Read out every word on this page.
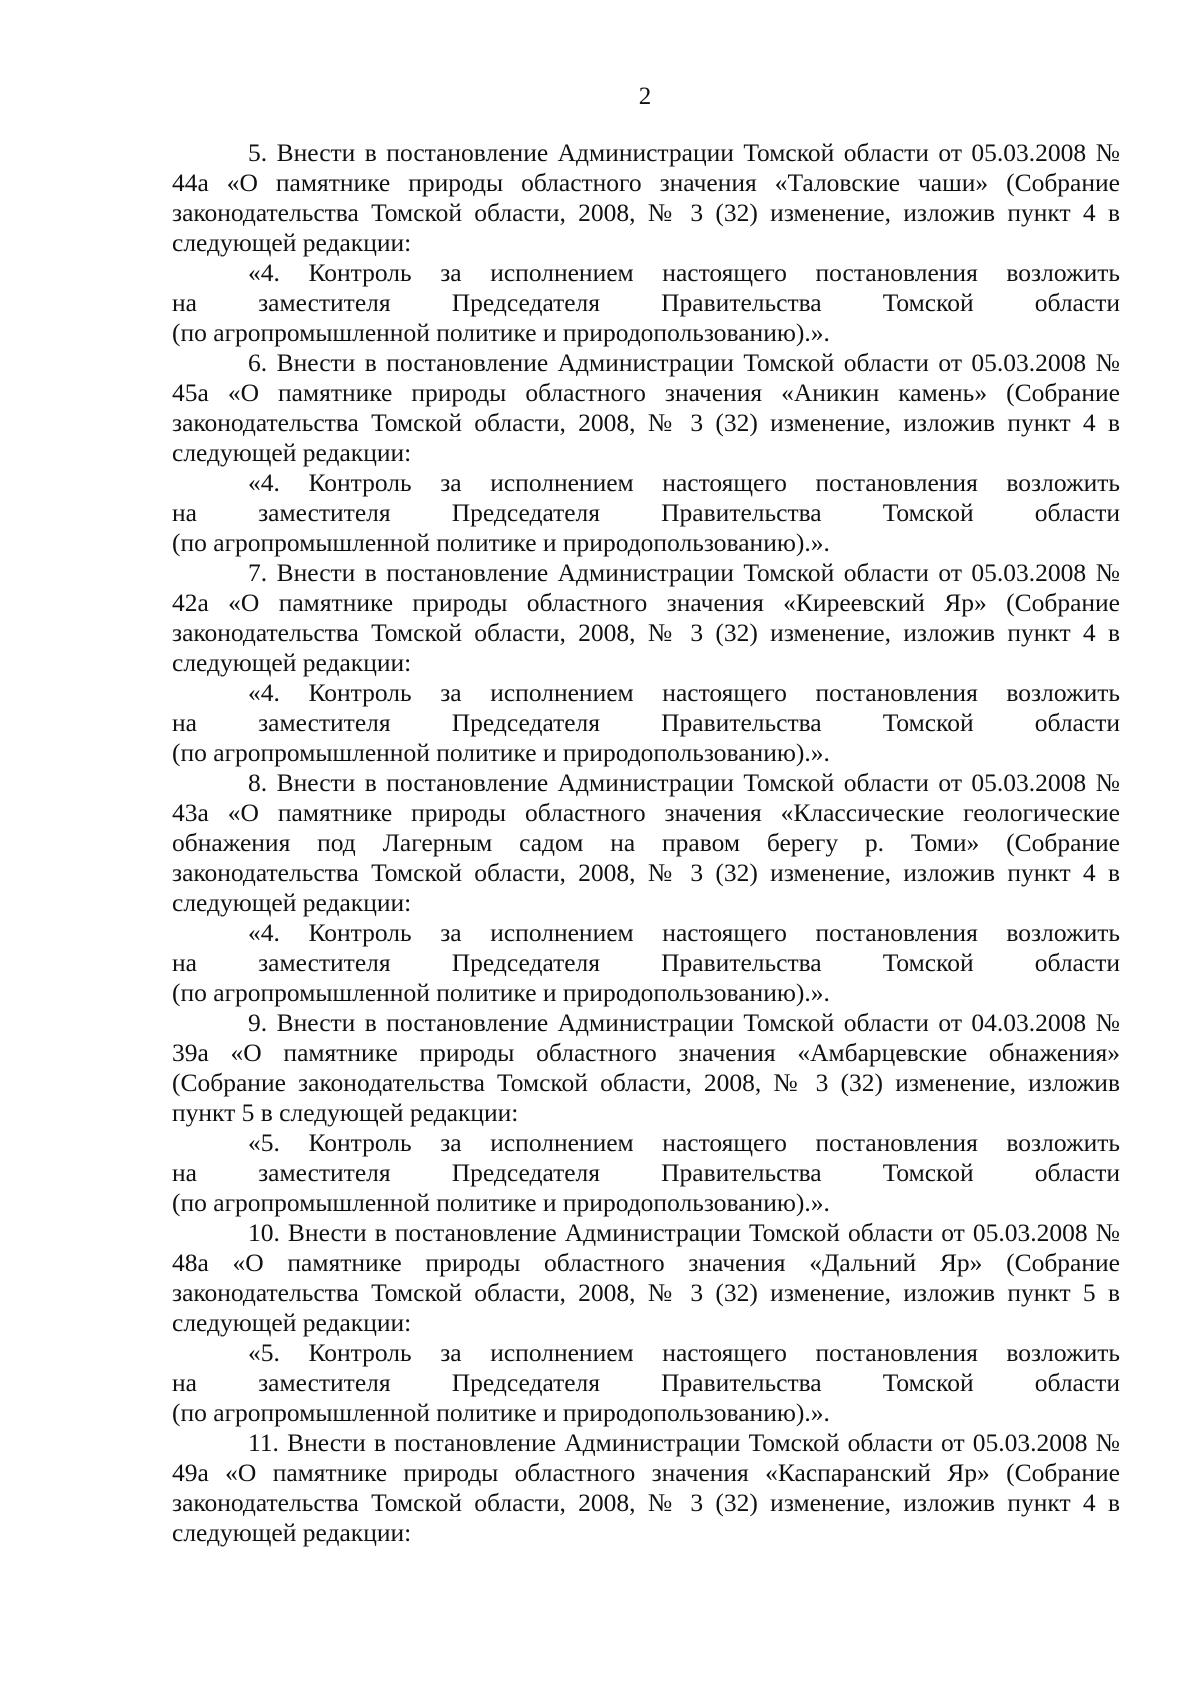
2

5. Внести в постановление Администрации Томской области от 05.03.2008 № 44а «О памятнике природы областного значения «Таловские чаши» (Собрание законодательства Томской области, 2008, № 3 (32) изменение, изложив пункт 4 в следующей редакции:

«4. Контроль за исполнением настоящего постановления возложить
на заместителя Председателя Правительства Томской области
(по агропромышленной политике и природопользованию).».

6. Внести в постановление Администрации Томской области от 05.03.2008 № 45а «О памятнике природы областного значения «Аникин камень» (Собрание законодательства Томской области, 2008, № 3 (32) изменение, изложив пункт 4 в следующей редакции:

«4. Контроль за исполнением настоящего постановления возложить
на заместителя Председателя Правительства Томской области
(по агропромышленной политике и природопользованию).».

7. Внести в постановление Администрации Томской области от 05.03.2008 № 42а «О памятнике природы областного значения «Киреевский Яр» (Собрание законодательства Томской области, 2008, № 3 (32) изменение, изложив пункт 4 в следующей редакции:

«4. Контроль за исполнением настоящего постановления возложить
на заместителя Председателя Правительства Томской области
(по агропромышленной политике и природопользованию).».

8. Внести в постановление Администрации Томской области от 05.03.2008 № 43а «О памятнике природы областного значения «Классические геологические обнажения под Лагерным садом на правом берегу р. Томи» (Собрание законодательства Томской области, 2008, № 3 (32) изменение, изложив пункт 4 в следующей редакции:

«4. Контроль за исполнением настоящего постановления возложить
на заместителя Председателя Правительства Томской области
(по агропромышленной политике и природопользованию).».

9. Внести в постановление Администрации Томской области от 04.03.2008 № 39а «О памятнике природы областного значения «Амбарцевские обнажения» (Собрание законодательства Томской области, 2008, № 3 (32) изменение, изложив пункт 5 в следующей редакции:

«5. Контроль за исполнением настоящего постановления возложить
на заместителя Председателя Правительства Томской области
(по агропромышленной политике и природопользованию).».

10. Внести в постановление Администрации Томской области от 05.03.2008 № 48а «О памятнике природы областного значения «Дальний Яр» (Собрание законодательства Томской области, 2008, № 3 (32) изменение, изложив пункт 5 в следующей редакции:

«5. Контроль за исполнением настоящего постановления возложить
на заместителя Председателя Правительства Томской области
(по агропромышленной политике и природопользованию).».

11. Внести в постановление Администрации Томской области от 05.03.2008 № 49а «О памятнике природы областного значения «Каспаранский Яр» (Собрание законодательства Томской области, 2008, № 3 (32) изменение, изложив пункт 4 в следующей редакции:
